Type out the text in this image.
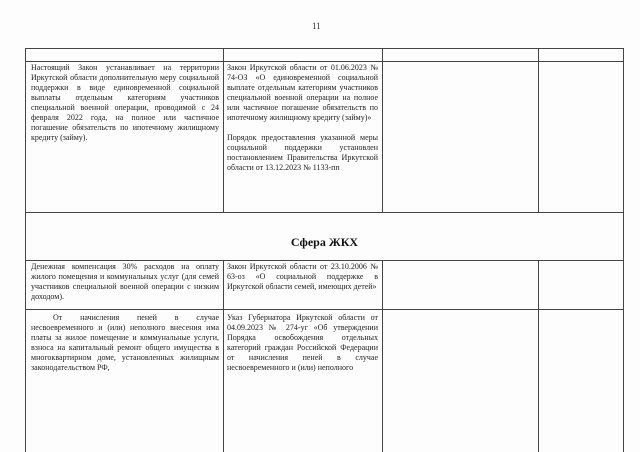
11

Настоящий Закон устанавливает на территории Иркутской области дополнительную меру социальной поддержки в виде единовременной социальной выплаты отдельным категориям участников специальной военной операции, проводимой с 24 февраля 2022 года, на полное или частичное погашение обязательств по ипотечному жилищному кредиту (займу).

Закон Иркутской области от 01.06.2023 № 74-ОЗ «О единовременной социальной выплате отдельным категориям участников специальной военной операции на полное или частичное погашение обязательств по ипотечному жилищному кредиту (займу)»

Порядок предоставления указанной меры социальной поддержки установлен постановлением Правительства Иркутской области от 13.12.2023 № 1133-пп

Сфера ЖКХ

Денежная компенсация 30% расходов на оплату жилого помещения и коммунальных услуг (для семей участников специальной военной операции с низким доходом).

Закон Иркутской области от 23.10.2006 № 63-оз «О социальной поддержке в Иркутской области семей, имеющих детей»

От начисления пеней в случае несвоевременного и (или) неполного внесения има платы за жилое помещение и коммунальные услуги, взноса на капитальный ремонт общего имущества в многоквартирном доме, установленных жилищным законодательством РФ,

Указ Губернатора Иркутской области от 04.09.2023 № 274-уг «Об утверждении Порядка освобождения отдельных категорий граждан Российской Федерации от начисления пеней в случае несвоевременного и (или) неполного
